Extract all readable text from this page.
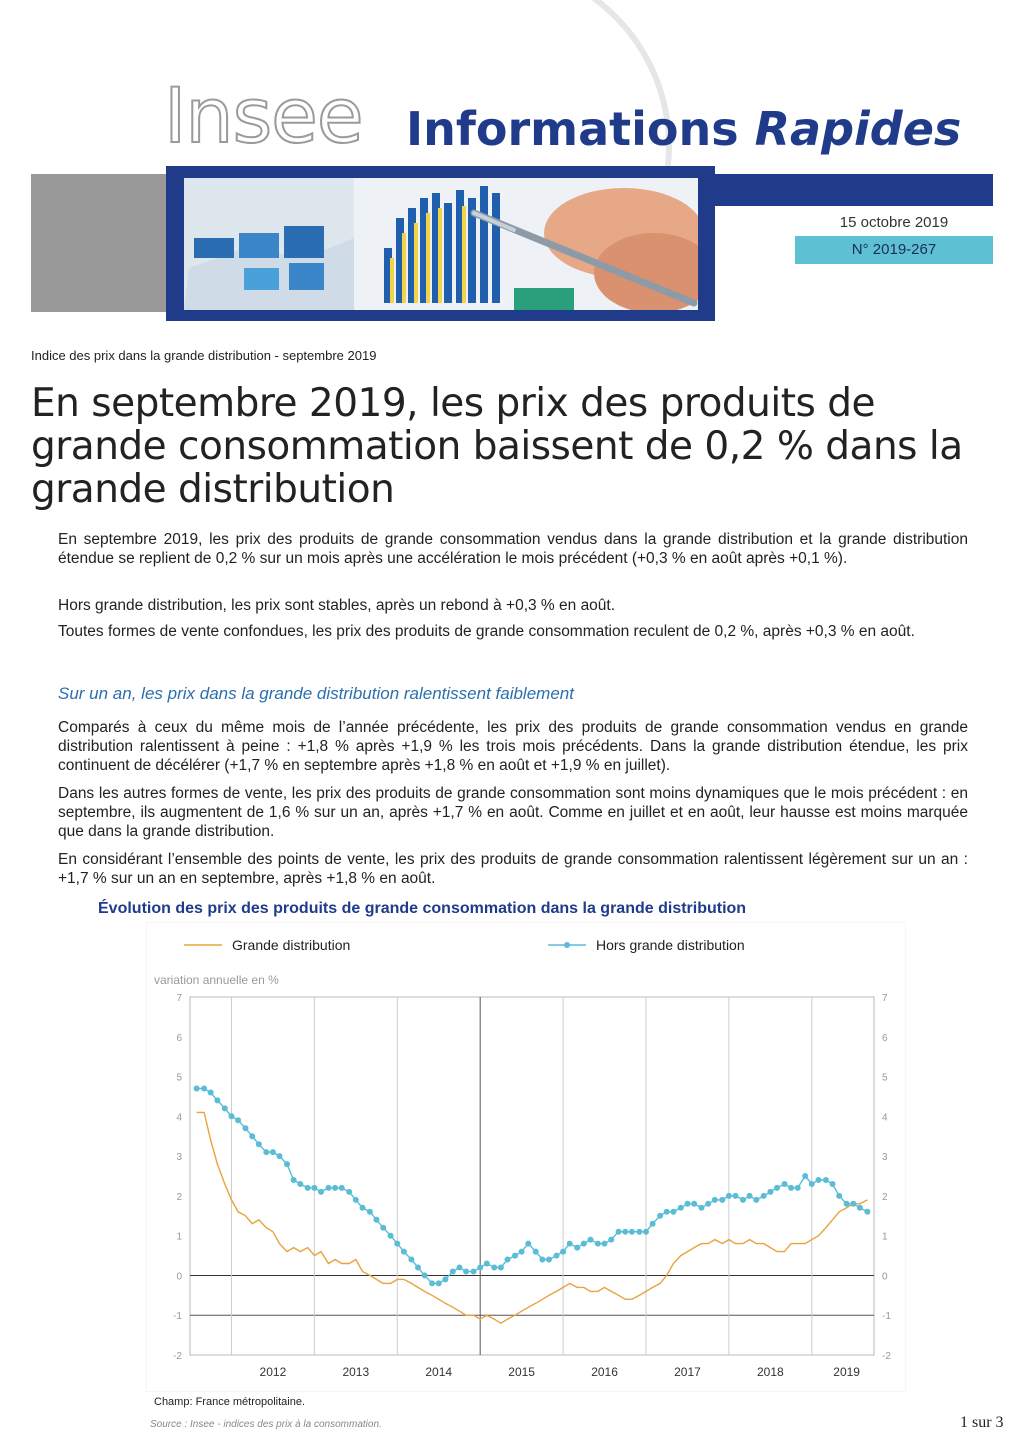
Insee Informations Rapides
15 octobre 2019
N° 2019-267
Indice des prix dans la grande distribution - septembre 2019
En septembre 2019, les prix des produits de grande consommation baissent de 0,2 % dans la grande distribution

En septembre 2019, les prix des produits de grande consommation vendus dans la grande distribution et la grande distribution étendue se replient de 0,2 % sur un mois après une accélération le mois précédent (+0,3 % en août après +0,1 %).

Hors grande distribution, les prix sont stables, après un rebond à +0,3 % en août.

Toutes formes de vente confondues, les prix des produits de grande consommation reculent de 0,2 %, après +0,3 % en août.

Sur un an, les prix dans la grande distribution ralentissent faiblement

Comparés à ceux du même mois de l’année précédente, les prix des produits de grande consommation vendus en grande distribution ralentissent à peine : +1,8 % après +1,9 % les trois mois précédents. Dans la grande distribution étendue, les prix continuent de décélérer (+1,7 % en septembre après +1,8 % en août et +1,9 % en juillet).

Dans les autres formes de vente, les prix des produits de grande consommation sont moins dynamiques que le mois précédent : en septembre, ils augmentent de 1,6 % sur un an, après +1,7 % en août. Comme en juillet et en août, leur hausse est moins marquée que dans la grande distribution.

En considérant l’ensemble des points de vente, les prix des produits de grande consommation ralentissent légèrement sur un an : +1,7 % sur un an en septembre, après +1,8 % en août.

Évolution des prix des produits de grande consommation dans la grande distribution
Grande distribution	Hors grande distribution
variation annuelle en %
-2	-2
-1	-1
0	0
1	1
2	2
3	3
4	4
5	5
6	6
7	7
2012	2013	2014	2015	2016	2017	2018	2019
Champ: France métropolitaine.
Source : Insee - indices des prix à la consommation.	1 sur 3
